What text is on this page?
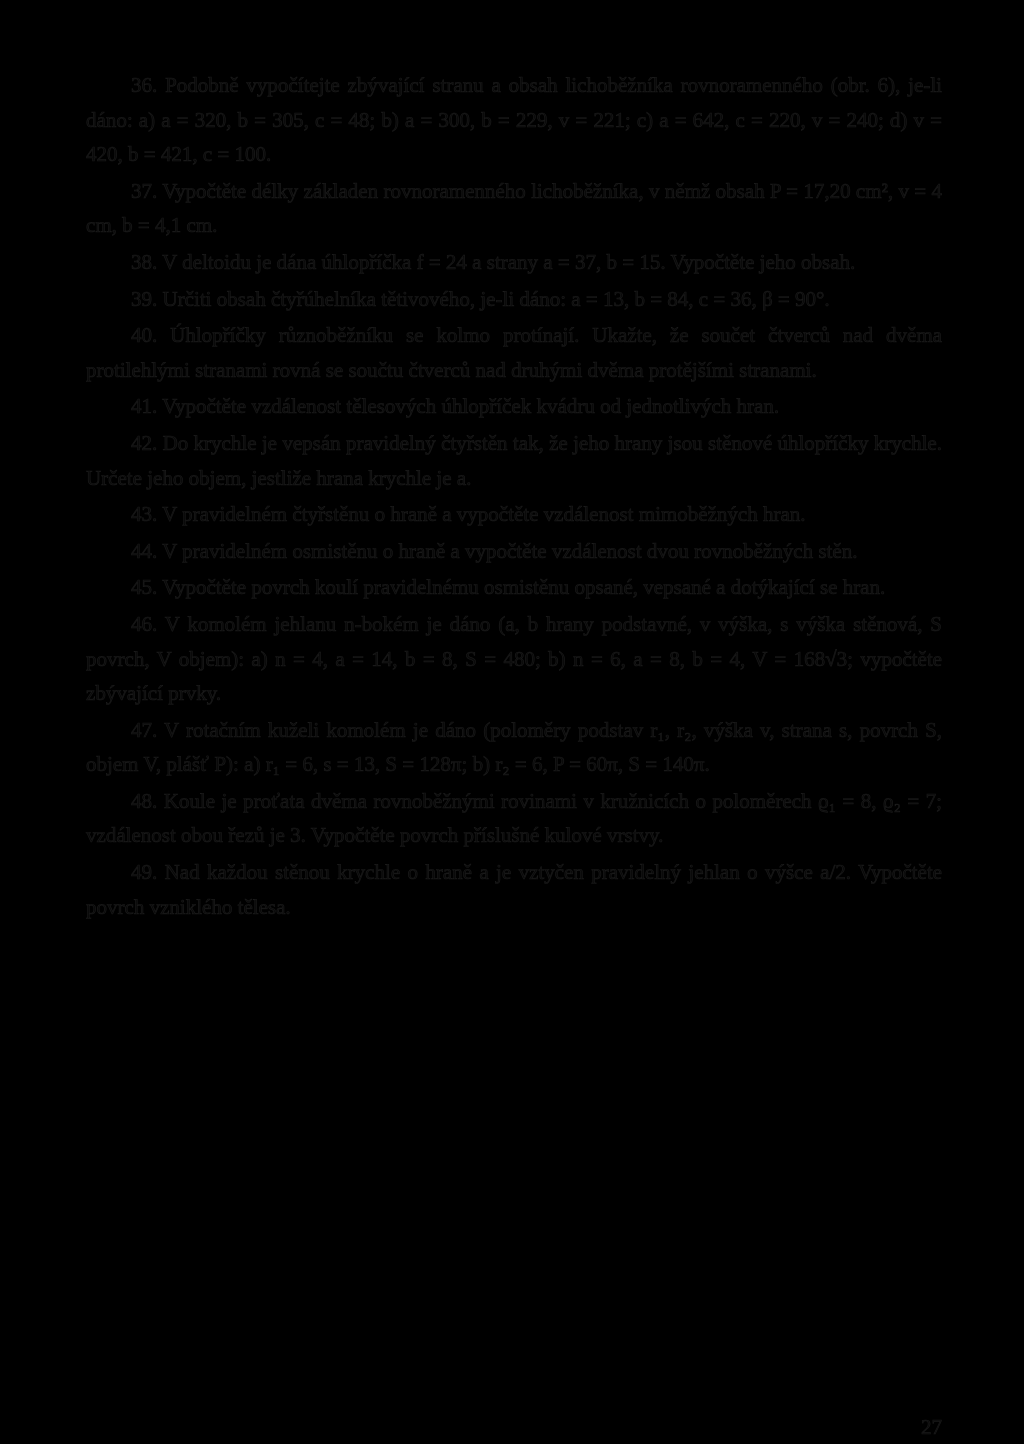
36. Podobně vypočítejte zbývající stranu a obsah lichoběžníka rovnoramenného (obr. 6), je-li dáno: a) a = 320, b = 305, c = 48; b) a = 300, b = 229, v = 221; c) a = 642, c = 220, v = 240; d) v = 420, b = 421, c = 100.

37. Vypočtěte délky základen rovnoramenného lichoběžníka, v němž obsah P = 17,20 cm², v = 4 cm, b = 4,1 cm.

38. V deltoidu je dána úhlopříčka f = 24 a strany a = 37, b = 15. Vypočtěte jeho obsah.

39. Určiti obsah čtyřúhelníka tětivového, je-li dáno: a = 13, b = 84, c = 36, β = 90°.

40. Úhlopříčky různoběžníku se kolmo protínají. Ukažte, že součet čtverců nad dvěma protilehlými stranami rovná se součtu čtverců nad druhými dvěma protějšími stranami.

41. Vypočtěte vzdálenost tělesových úhlopříček kvádru od jednotlivých hran.

42. Do krychle je vepsán pravidelný čtyřstěn tak, že jeho hrany jsou stěnové úhlopříčky krychle. Určete jeho objem, jestliže hrana krychle je a.

43. V pravidelném čtyřstěnu o hraně a vypočtěte vzdálenost mimoběžných hran.

44. V pravidelném osmistěnu o hraně a vypočtěte vzdálenost dvou rovnoběžných stěn.

45. Vypočtěte povrch koulí pravidelnému osmistěnu opsané, vepsané a dotýkající se hran.

46. V komolém jehlanu n-bokém je dáno (a, b hrany podstavné, v výška, s výška stěnová, S povrch, V objem): a) n = 4, a = 14, b = 8, S = 480; b) n = 6, a = 8, b = 4, V = 168√3; vypočtěte zbývající prvky.

47. V rotačním kuželi komolém je dáno (poloměry podstav r₁, r₂, výška v, strana s, povrch S, objem V, plášť P): a) r₁ = 6, s = 13, S = 128π; b) r₂ = 6, P = 60π, S = 140π.

48. Koule je proťata dvěma rovnoběžnými rovinami v kružnicích o poloměrech ϱ₁ = 8, ϱ₂ = 7; vzdálenost obou řezů je 3. Vypočtěte povrch příslušné kulové vrstvy.

49. Nad každou stěnou krychle o hraně a je vztyčen pravidelný jehlan o výšce a/2. Vypočtěte povrch vzniklého tělesa.

27
